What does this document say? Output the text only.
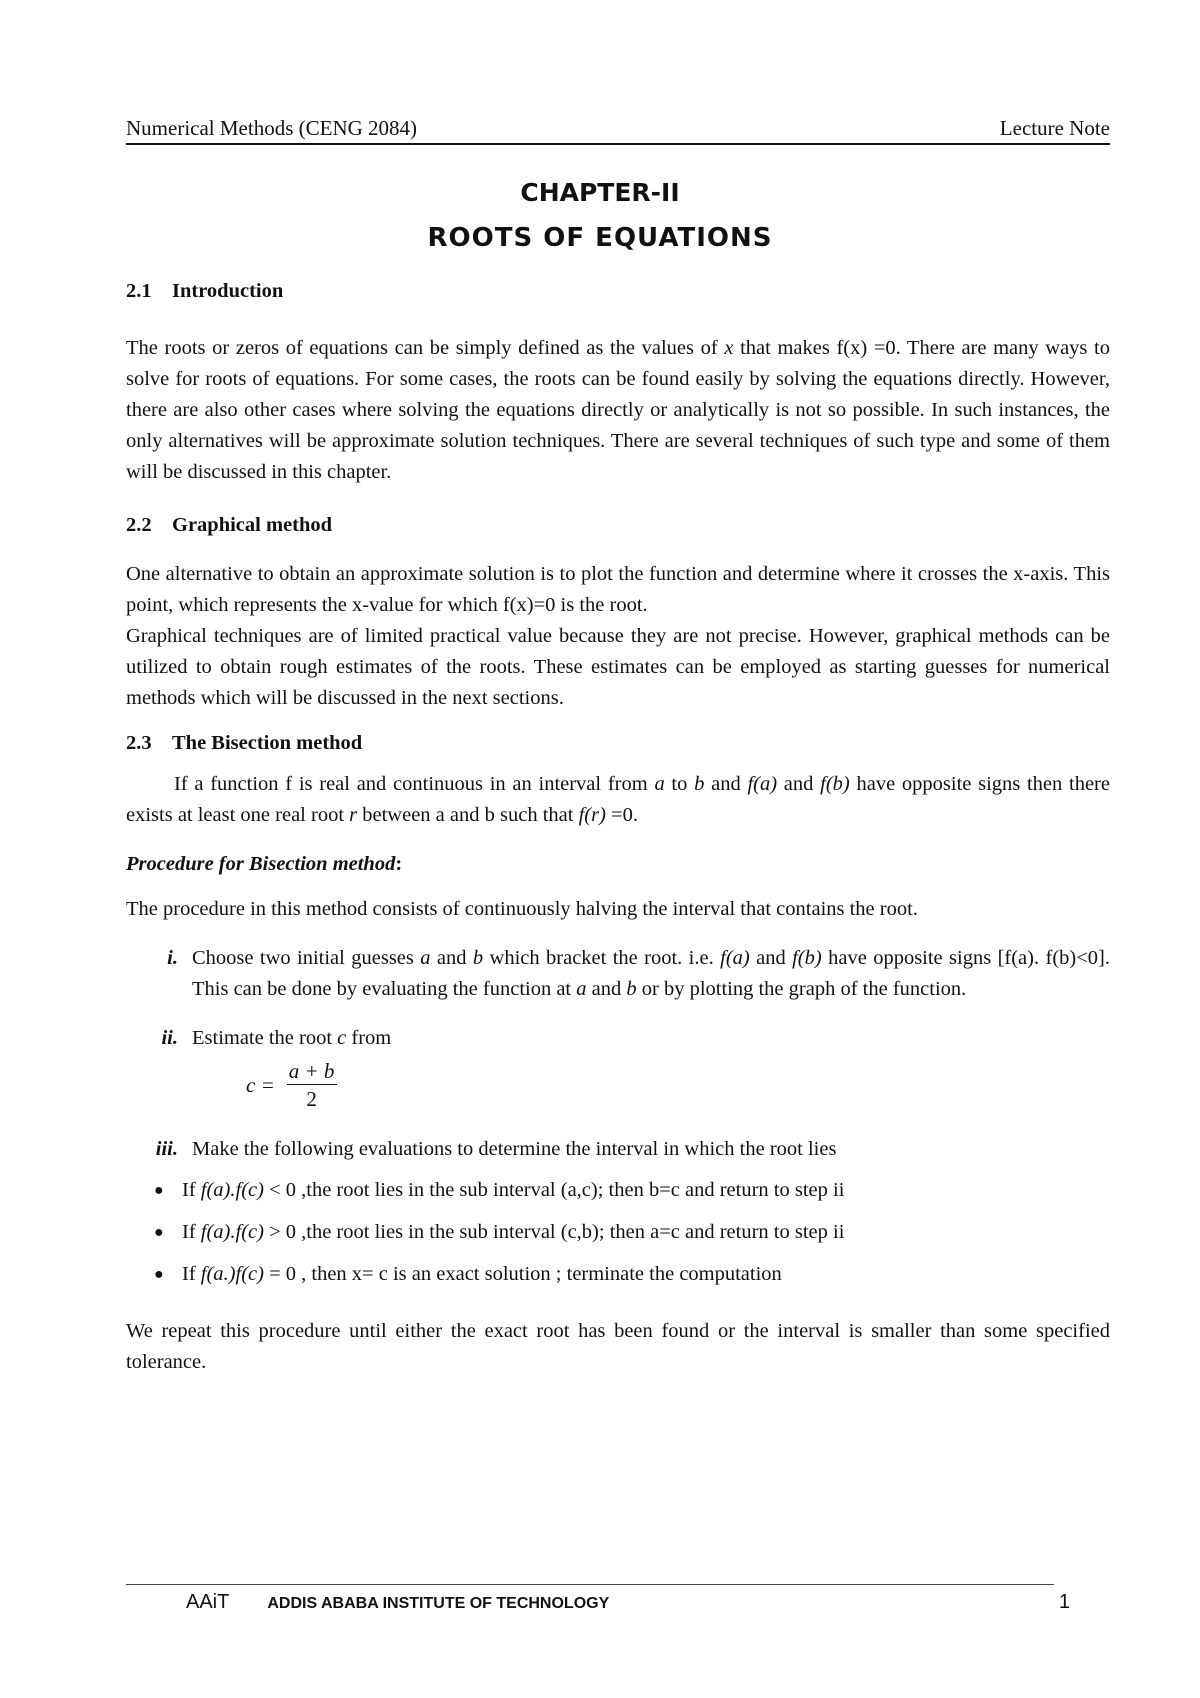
Numerical Methods (CENG 2084)	Lecture Note
CHAPTER-II
ROOTS OF EQUATIONS
2.1 Introduction

The roots or zeros of equations can be simply defined as the values of x that makes f(x) =0. There are many ways to solve for roots of equations. For some cases, the roots can be found easily by solving the equations directly. However, there are also other cases where solving the equations directly or analytically is not so possible. In such instances, the only alternatives will be approximate solution techniques. There are several techniques of such type and some of them will be discussed in this chapter.

2.2 Graphical method

One alternative to obtain an approximate solution is to plot the function and determine where it crosses the x-axis. This point, which represents the x-value for which f(x)=0 is the root.

Graphical techniques are of limited practical value because they are not precise. However, graphical methods can be utilized to obtain rough estimates of the roots. These estimates can be employed as starting guesses for numerical methods which will be discussed in the next sections.

2.3 The Bisection method

If a function f is real and continuous in an interval from a to b and f(a) and f(b) have opposite signs then there exists at least one real root r between a and b such that f(r) =0.

Procedure for Bisection method:

The procedure in this method consists of continuously halving the interval that contains the root.

i. Choose two initial guesses a and b which bracket the root. i.e. f(a) and f(b) have opposite signs [f(a). f(b)<0]. This can be done by evaluating the function at a and b or by plotting the graph of the function.
ii. Estimate the root c from
$c = \frac{a + b}{2}$
iii. Make the following evaluations to determine the interval in which the root lies
● If f(a).f(c) < 0 ,the root lies in the sub interval (a,c); then b=c and return to step ii
● If f(a).f(c) > 0 ,the root lies in the sub interval (c,b); then a=c and return to step ii
● If f(a.)f(c) = 0 , then x= c is an exact solution ; terminate the computation

We repeat this procedure until either the exact root has been found or the interval is smaller than some specified tolerance.

AAiT ADDIS ABABA INSTITUTE OF TECHNOLOGY	1
